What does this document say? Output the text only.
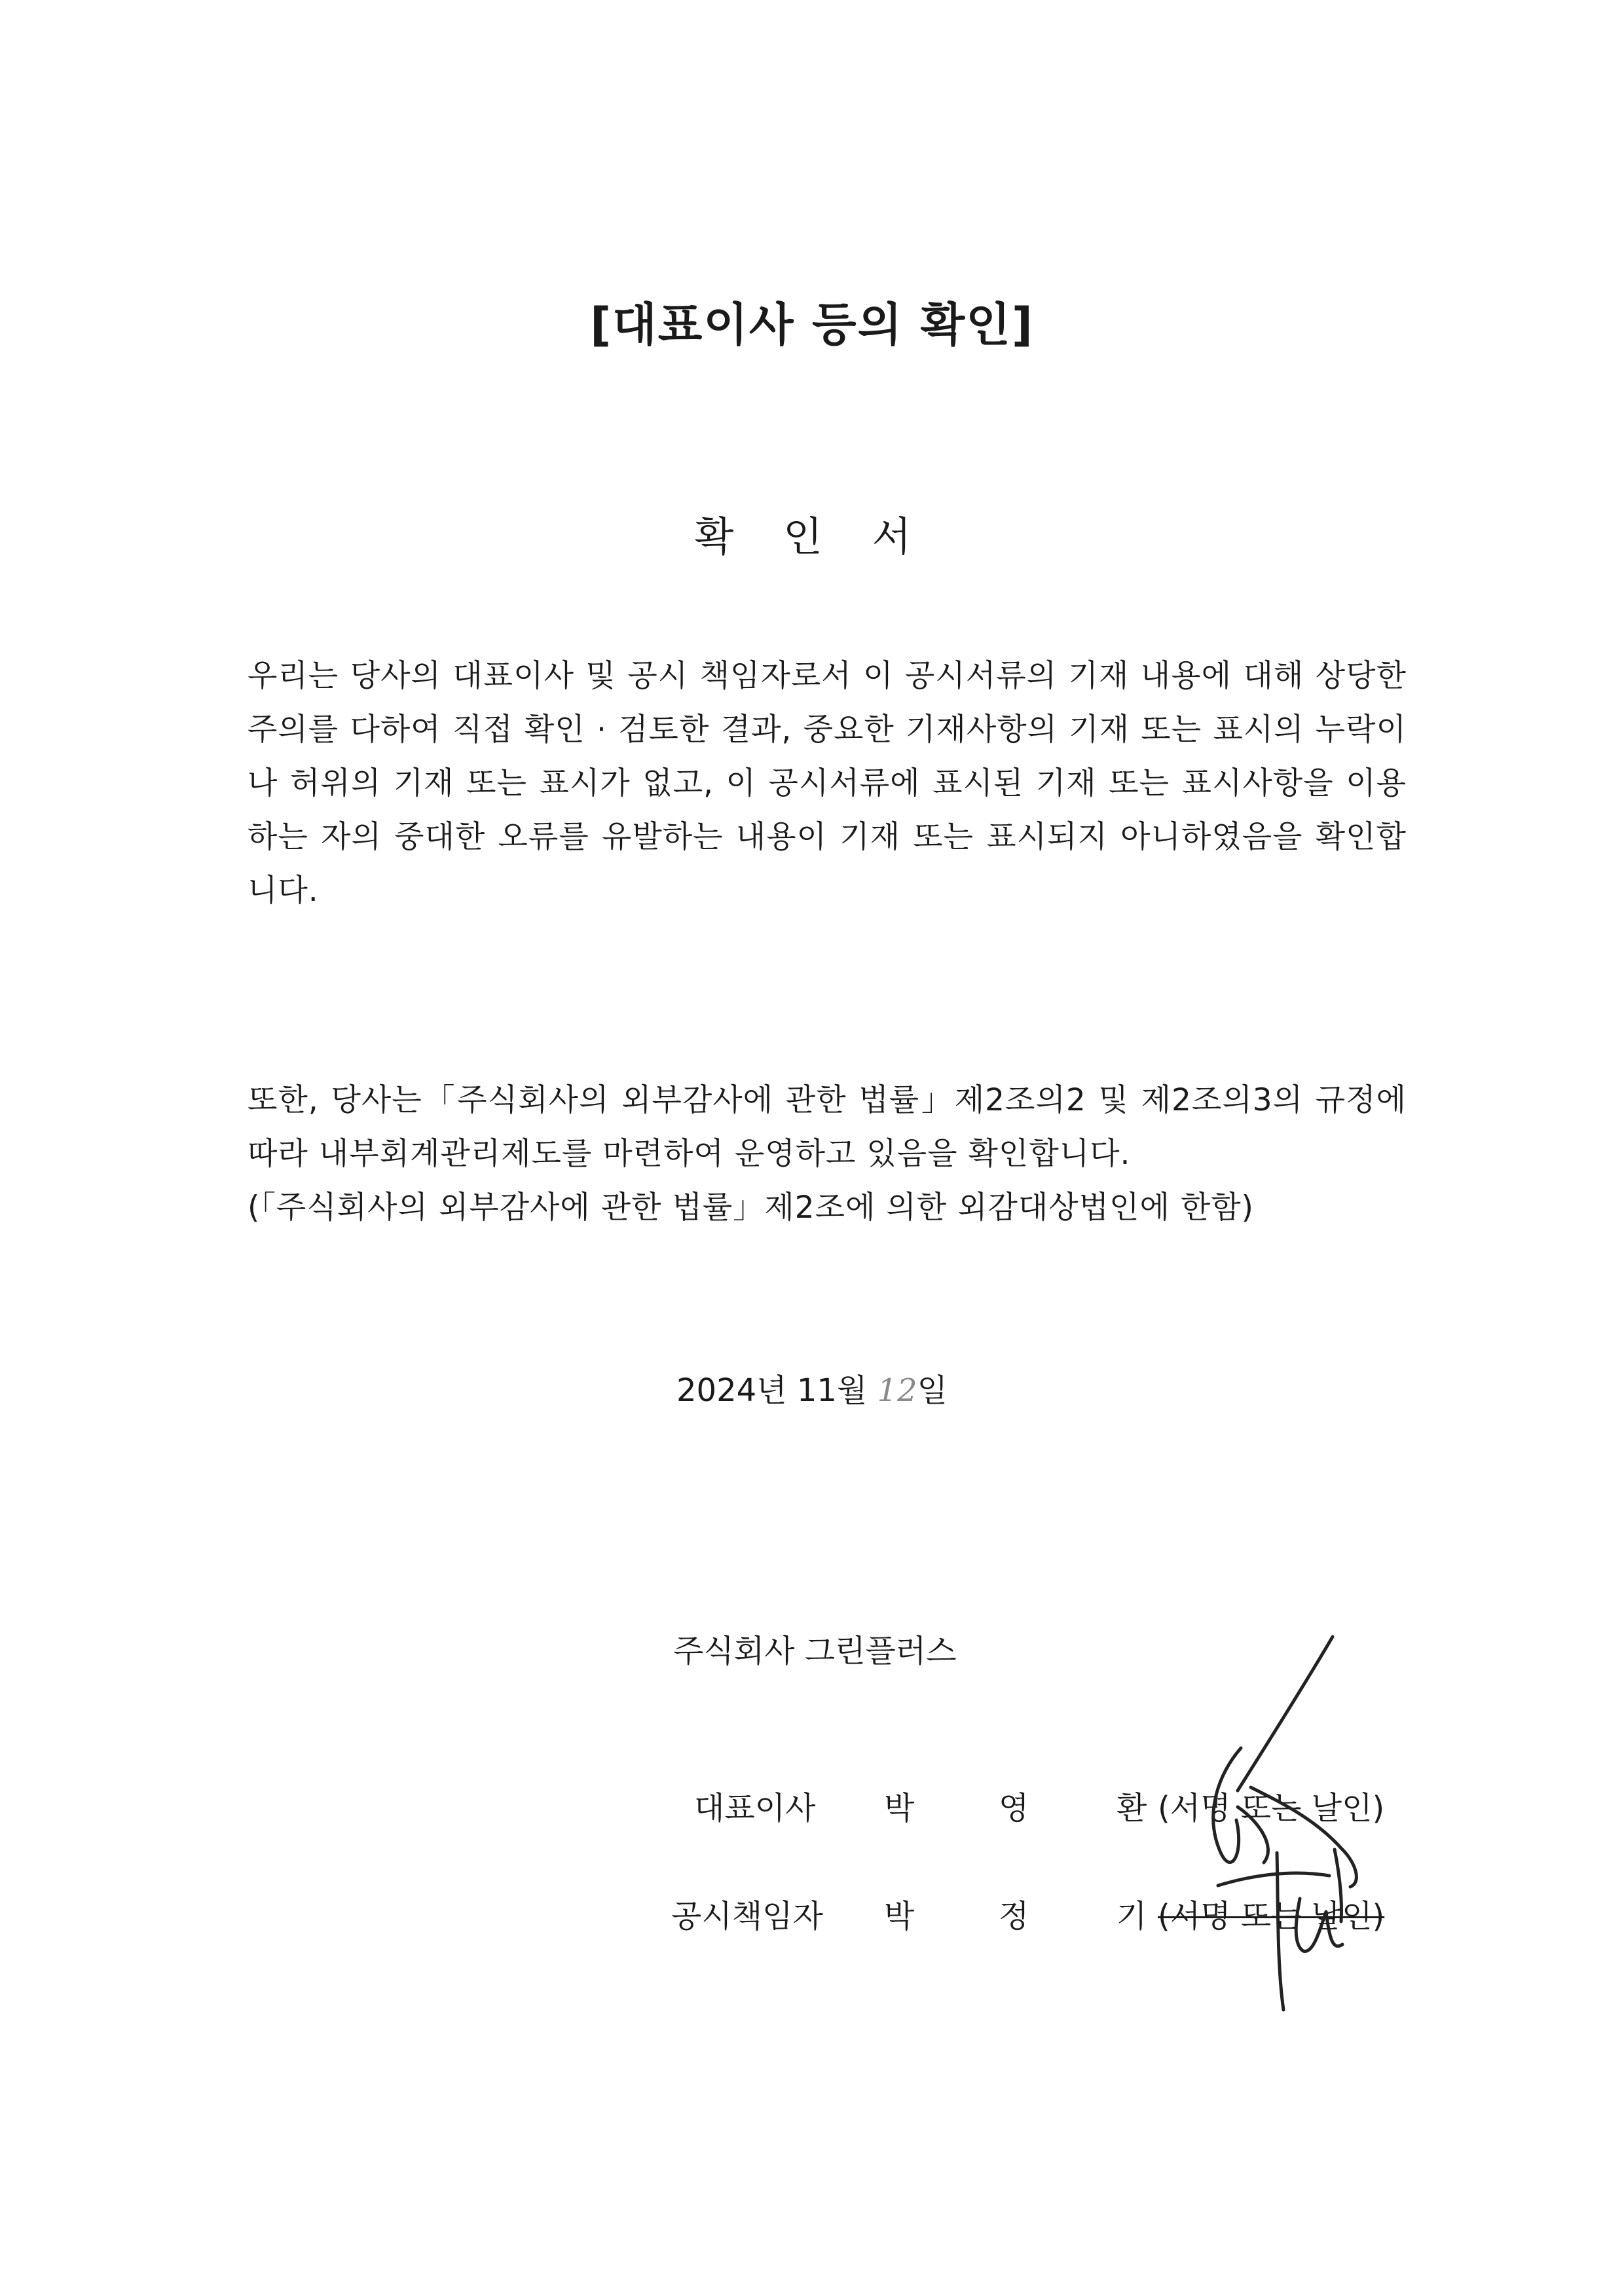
[대표이사 등의 확인]
확 인 서
우리는 당사의 대표이사 및 공시 책임자로서 이 공시서류의 기재 내용에 대해 상당한 주의를 다하여 직접 확인 · 검토한 결과, 중요한 기재사항의 기재 또는 표시의 누락이나 허위의 기재 또는 표시가 없고, 이 공시서류에 표시된 기재 또는 표시사항을 이용하는 자의 중대한 오류를 유발하는 내용이 기재 또는 표시되지 아니하였음을 확인합니다.
또한, 당사는「주식회사의 외부감사에 관한 법률」제2조의2 및 제2조의3의 규정에 따라 내부회계관리제도를 마련하여 운영하고 있음을 확인합니다.
(「주식회사의 외부감사에 관한 법률」제2조에 의한 외감대상법인에 한함)
2024년 11월 12일
주식회사 그린플러스
대표이사 박	영	환 (서명 또는 날인)
공시책임자 박	정	기 (서명 또는 날인)
